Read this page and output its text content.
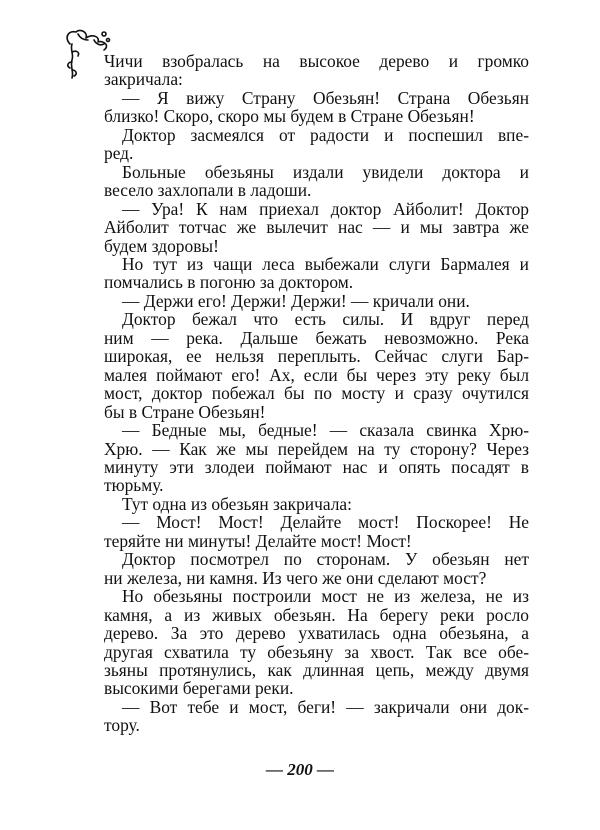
Чичи взобралась на высокое дерево и громко
закричала:
— Я вижу Страну Обезьян! Страна Обезьян
близко! Скоро, скоро мы будем в Стране Обезьян!
Доктор засмеялся от радости и поспешил впе-
ред.
Больные обезьяны издали увидели доктора и
весело захлопали в ладоши.
— Ура! К нам приехал доктор Айболит! Доктор
Айболит тотчас же вылечит нас — и мы завтра же
будем здоровы!
Но тут из чащи леса выбежали слуги Бармалея и
помчались в погоню за доктором.
— Держи его! Держи! Держи! — кричали они.
Доктор бежал что есть силы. И вдруг перед
ним — река. Дальше бежать невозможно. Река
широкая, ее нельзя переплыть. Сейчас слуги Бар-
малея поймают его! Ах, если бы через эту реку был
мост, доктор побежал бы по мосту и сразу очутился
бы в Стране Обезьян!
— Бедные мы, бедные! — сказала свинка Хрю-
Хрю. — Как же мы перейдем на ту сторону? Через
минуту эти злодеи поймают нас и опять посадят в
тюрьму.
Тут одна из обезьян закричала:
— Мост! Мост! Делайте мост! Поскорее! Не
теряйте ни минуты! Делайте мост! Мост!
Доктор посмотрел по сторонам. У обезьян нет
ни железа, ни камня. Из чего же они сделают мост?
Но обезьяны построили мост не из железа, не из
камня, а из живых обезьян. На берегу реки росло
дерево. За это дерево ухватилась одна обезьяна, а
другая схватила ту обезьяну за хвост. Так все обе-
зьяны протянулись, как длинная цепь, между двумя
высокими берегами реки.
— Вот тебе и мост, беги! — закричали они док-
тору.
— 200 —
